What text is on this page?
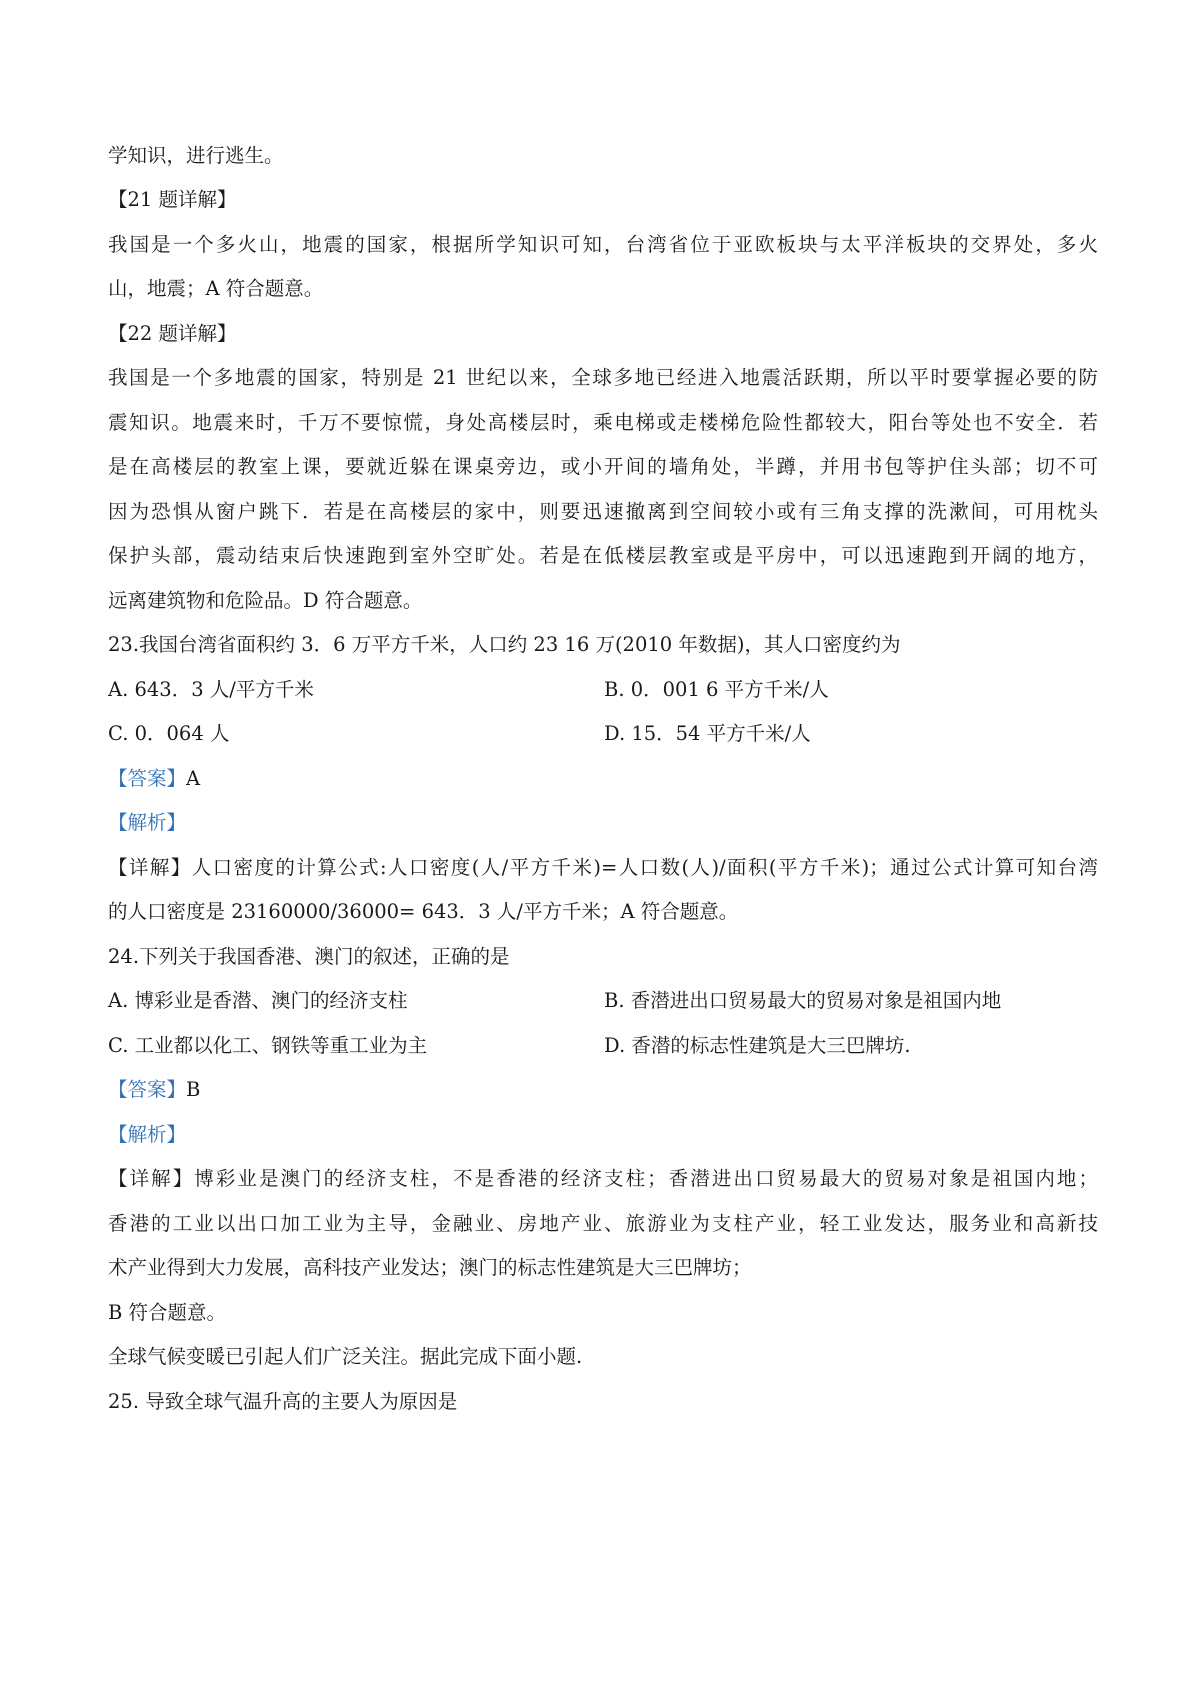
学知识，进行逃生。
【21 题详解】
我国是一个多火山，地震的国家，根据所学知识可知，台湾省位于亚欧板块与太平洋板块的交界处，多火
山，地震；A 符合题意。
【22 题详解】
我国是一个多地震的国家，特别是 21 世纪以来，全球多地已经进入地震活跃期，所以平时要掌握必要的防
震知识。地震来时，千万不要惊慌，身处高楼层时，乘电梯或走楼梯危险性都较大，阳台等处也不安全．若
是在高楼层的教室上课，要就近躲在课桌旁边，或小开间的墙角处，半蹲，并用书包等护住头部；切不可
因为恐惧从窗户跳下．若是在高楼层的家中，则要迅速撤离到空间较小或有三角支撑的洗漱间，可用枕头
保护头部，震动结束后快速跑到室外空旷处。若是在低楼层教室或是平房中，可以迅速跑到开阔的地方，
远离建筑物和危险品。D 符合题意。
23.我国台湾省面积约 3．6 万平方千米，人口约 23 16 万(2010 年数据)，其人口密度约为
A. 643．3 人/平方千米	B. 0．001 6 平方千米/人
C. 0．064 人	D. 15．54 平方千米/人
【答案】A
【解析】
【详解】人口密度的计算公式:人口密度(人/平方千米)=人口数(人)/面积(平方千米)；通过公式计算可知台湾
的人口密度是 23160000/36000= 643．3 人/平方千米；A 符合题意。
24.下列关于我国香港、澳门的叙述，正确的是
A. 博彩业是香潜、澳门的经济支柱	B. 香潜进出口贸易最大的贸易对象是祖国内地
C. 工业都以化工、钢铁等重工业为主	D. 香潜的标志性建筑是大三巴牌坊.
【答案】B
【解析】
【详解】博彩业是澳门的经济支柱，不是香港的经济支柱；香潜进出口贸易最大的贸易对象是祖国内地；
香港的工业以出口加工业为主导，金融业、房地产业、旅游业为支柱产业，轻工业发达，服务业和高新技
术产业得到大力发展，高科技产业发达；澳门的标志性建筑是大三巴牌坊；
B 符合题意。
全球气候变暖已引起人们广泛关注。据此完成下面小题.
25. 导致全球气温升高的主要人为原因是
